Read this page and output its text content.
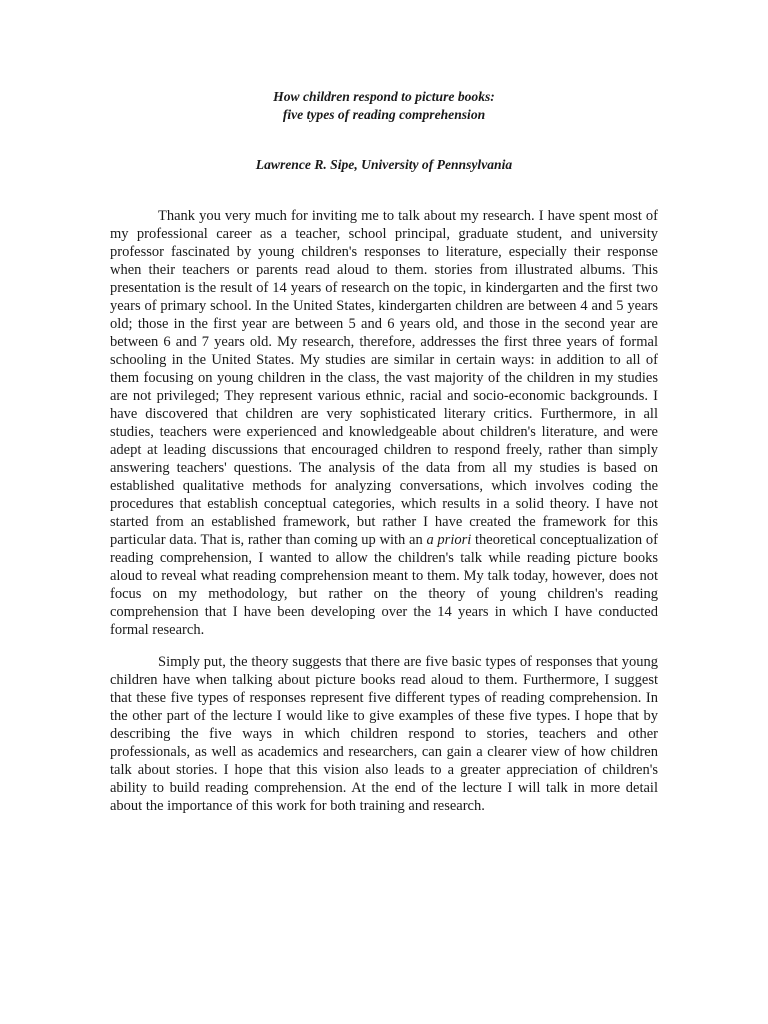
How children respond to picture books:
five types of reading comprehension
Lawrence R. Sipe, University of Pennsylvania

Thank you very much for inviting me to talk about my research. I have spent most of my professional career as a teacher, school principal, graduate student, and university professor fascinated by young children's responses to literature, especially their response when their teachers or parents read aloud to them. stories from illustrated albums. This presentation is the result of 14 years of research on the topic, in kindergarten and the first two years of primary school. In the United States, kindergarten children are between 4 and 5 years old; those in the first year are between 5 and 6 years old, and those in the second year are between 6 and 7 years old. My research, therefore, addresses the first three years of formal schooling in the United States. My studies are similar in certain ways: in addition to all of them focusing on young children in the class, the vast majority of the children in my studies are not privileged; They represent various ethnic, racial and socio-economic backgrounds. I have discovered that children are very sophisticated literary critics. Furthermore, in all studies, teachers were experienced and knowledgeable about children's literature, and were adept at leading discussions that encouraged children to respond freely, rather than simply answering teachers' questions. The analysis of the data from all my studies is based on established qualitative methods for analyzing conversations, which involves coding the procedures that establish conceptual categories, which results in a solid theory. I have not started from an established framework, but rather I have created the framework for this particular data. That is, rather than coming up with an a priori theoretical conceptualization of reading comprehension, I wanted to allow the children's talk while reading picture books aloud to reveal what reading comprehension meant to them. My talk today, however, does not focus on my methodology, but rather on the theory of young children's reading comprehension that I have been developing over the 14 years in which I have conducted formal research.

Simply put, the theory suggests that there are five basic types of responses that young children have when talking about picture books read aloud to them. Furthermore, I suggest that these five types of responses represent five different types of reading comprehension. In the other part of the lecture I would like to give examples of these five types. I hope that by describing the five ways in which children respond to stories, teachers and other professionals, as well as academics and researchers, can gain a clearer view of how children talk about stories. I hope that this vision also leads to a greater appreciation of children's ability to build reading comprehension. At the end of the lecture I will talk in more detail about the importance of this work for both training and research.
